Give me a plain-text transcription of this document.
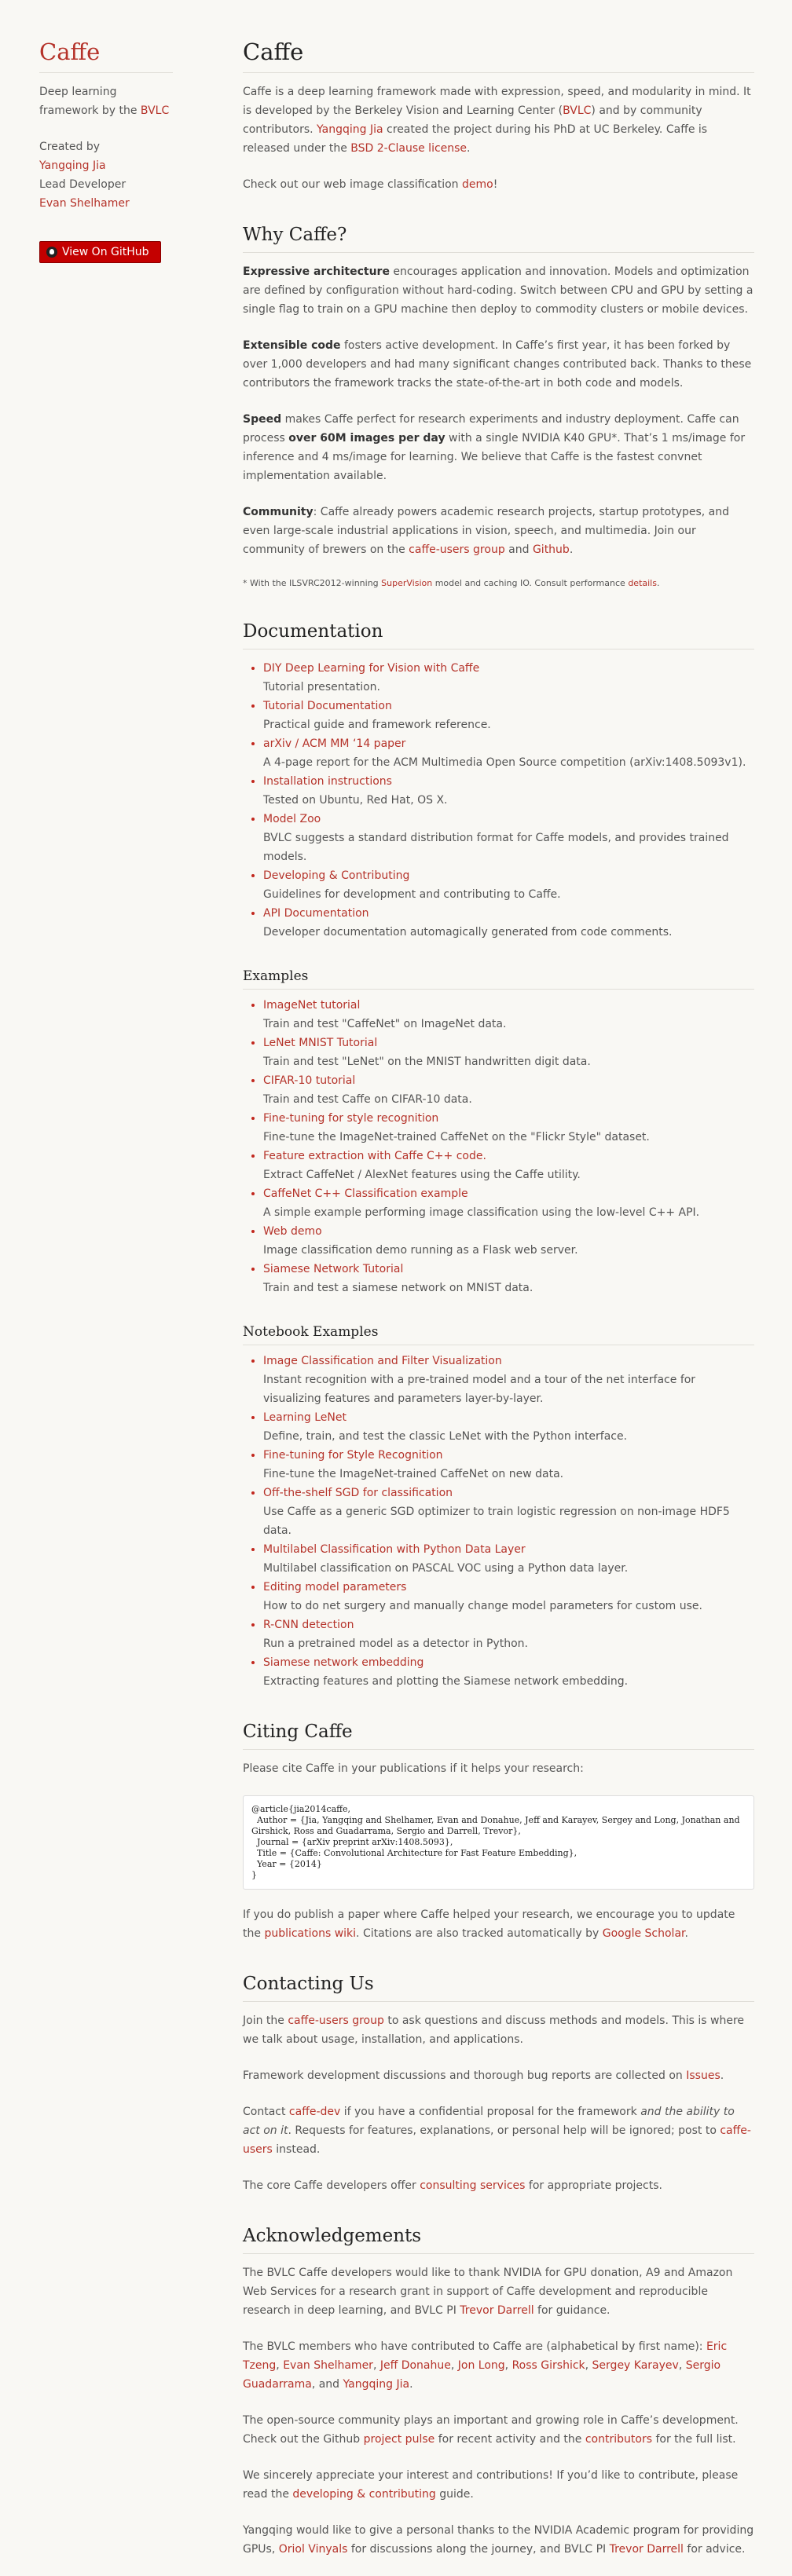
Caffe

Deep learning framework by the BVLC

Created by
Yangqing Jia
Lead Developer
Evan Shelhamer

View On GitHub
Caffe

Caffe is a deep learning framework made with expression, speed, and modularity in mind. It is developed by the Berkeley Vision and Learning Center (BVLC) and by community contributors. Yangqing Jia created the project during his PhD at UC Berkeley. Caffe is released under the BSD 2-Clause license.

Check out our web image classification demo!

Why Caffe?

Expressive architecture encourages application and innovation. Models and optimization are defined by configuration without hard-coding. Switch between CPU and GPU by setting a single flag to train on a GPU machine then deploy to commodity clusters or mobile devices.

Extensible code fosters active development. In Caffe’s first year, it has been forked by over 1,000 developers and had many significant changes contributed back. Thanks to these contributors the framework tracks the state-of-the-art in both code and models.

Speed makes Caffe perfect for research experiments and industry deployment. Caffe can process over 60M images per day with a single NVIDIA K40 GPU*. That’s 1 ms/image for inference and 4 ms/image for learning. We believe that Caffe is the fastest convnet implementation available.

Community: Caffe already powers academic research projects, startup prototypes, and even large-scale industrial applications in vision, speech, and multimedia. Join our community of brewers on the caffe-users group and Github.

* With the ILSVRC2012-winning SuperVision model and caching IO. Consult performance details.

Documentation
• DIY Deep Learning for Vision with Caffe
Tutorial presentation.
• Tutorial Documentation
Practical guide and framework reference.
• arXiv / ACM MM ‘14 paper
A 4-page report for the ACM Multimedia Open Source competition (arXiv:1408.5093v1).
• Installation instructions
Tested on Ubuntu, Red Hat, OS X.
• Model Zoo
BVLC suggests a standard distribution format for Caffe models, and provides trained models.
• Developing & Contributing
Guidelines for development and contributing to Caffe.
• API Documentation
Developer documentation automagically generated from code comments.
Examples
• ImageNet tutorial
Train and test "CaffeNet" on ImageNet data.
• LeNet MNIST Tutorial
Train and test "LeNet" on the MNIST handwritten digit data.
• CIFAR-10 tutorial
Train and test Caffe on CIFAR-10 data.
• Fine-tuning for style recognition
Fine-tune the ImageNet-trained CaffeNet on the "Flickr Style" dataset.
• Feature extraction with Caffe C++ code.
Extract CaffeNet / AlexNet features using the Caffe utility.
• CaffeNet C++ Classification example
A simple example performing image classification using the low-level C++ API.
• Web demo
Image classification demo running as a Flask web server.
• Siamese Network Tutorial
Train and test a siamese network on MNIST data.
Notebook Examples
• Image Classification and Filter Visualization
Instant recognition with a pre-trained model and a tour of the net interface for visualizing features and parameters layer-by-layer.
• Learning LeNet
Define, train, and test the classic LeNet with the Python interface.
• Fine-tuning for Style Recognition
Fine-tune the ImageNet-trained CaffeNet on new data.
• Off-the-shelf SGD for classification
Use Caffe as a generic SGD optimizer to train logistic regression on non-image HDF5 data.
• Multilabel Classification with Python Data Layer
Multilabel classification on PASCAL VOC using a Python data layer.
• Editing model parameters
How to do net surgery and manually change model parameters for custom use.
• R-CNN detection
Run a pretrained model as a detector in Python.
• Siamese network embedding
Extracting features and plotting the Siamese network embedding.
Citing Caffe

Please cite Caffe in your publications if it helps your research:

@article{jia2014caffe,
Author = {Jia, Yangqing and Shelhamer, Evan and Donahue, Jeff and Karayev, Sergey and Long, Jonathan and Girshick, Ross and Guadarrama, Sergio and Darrell, Trevor},
Journal = {arXiv preprint arXiv:1408.5093},
Title = {Caffe: Convolutional Architecture for Fast Feature Embedding},
Year = {2014}
}

If you do publish a paper where Caffe helped your research, we encourage you to update the publications wiki. Citations are also tracked automatically by Google Scholar.

Contacting Us

Join the caffe-users group to ask questions and discuss methods and models. This is where we talk about usage, installation, and applications.

Framework development discussions and thorough bug reports are collected on Issues.

Contact caffe-dev if you have a confidential proposal for the framework and the ability to act on it. Requests for features, explanations, or personal help will be ignored; post to caffe-users instead.

The core Caffe developers offer consulting services for appropriate projects.

Acknowledgements

The BVLC Caffe developers would like to thank NVIDIA for GPU donation, A9 and Amazon Web Services for a research grant in support of Caffe development and reproducible research in deep learning, and BVLC PI Trevor Darrell for guidance.

The BVLC members who have contributed to Caffe are (alphabetical by first name): Eric Tzeng, Evan Shelhamer, Jeff Donahue, Jon Long, Ross Girshick, Sergey Karayev, Sergio Guadarrama, and Yangqing Jia.

The open-source community plays an important and growing role in Caffe’s development. Check out the Github project pulse for recent activity and the contributors for the full list.

We sincerely appreciate your interest and contributions! If you’d like to contribute, please read the developing & contributing guide.

Yangqing would like to give a personal thanks to the NVIDIA Academic program for providing GPUs, Oriol Vinyals for discussions along the journey, and BVLC PI Trevor Darrell for advice.
